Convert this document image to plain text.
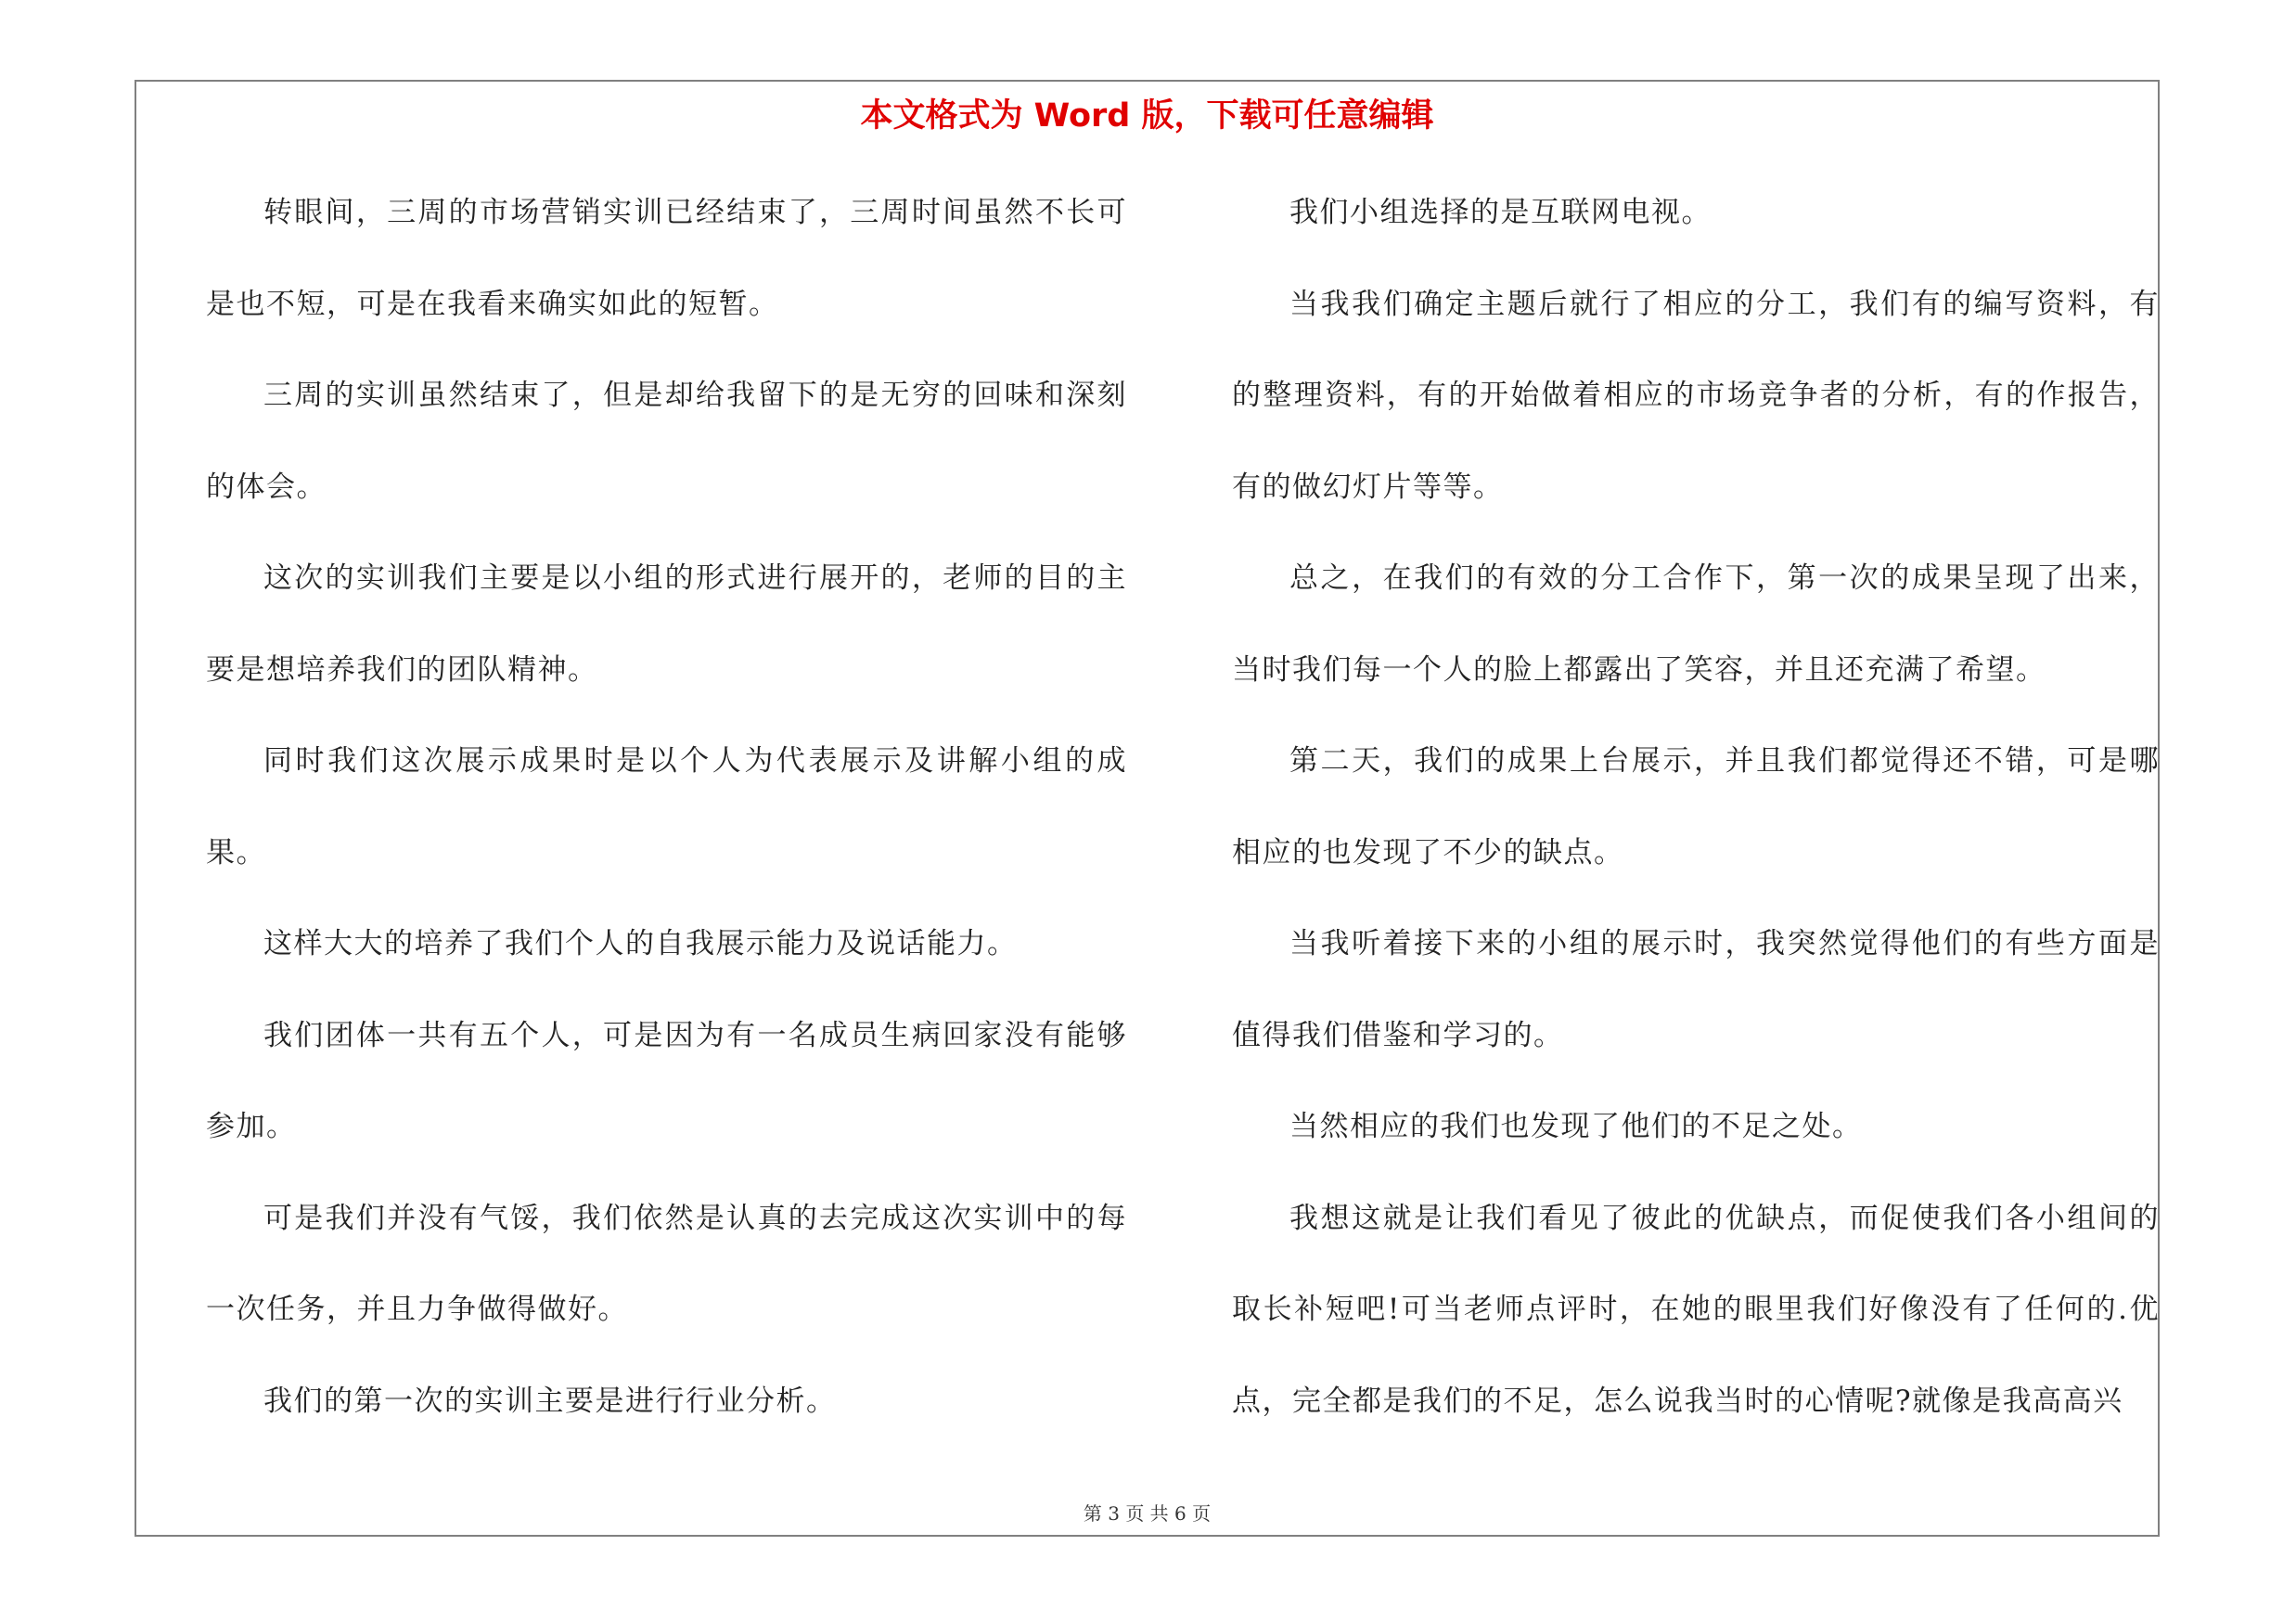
本文格式为 Word 版，下载可任意编辑

转眼间，三周的市场营销实训已经结束了，三周时间虽然不长可是也不短，可是在我看来确实如此的短暂。

三周的实训虽然结束了，但是却给我留下的是无穷的回味和深刻的体会。

这次的实训我们主要是以小组的形式进行展开的，老师的目的主要是想培养我们的团队精神。

同时我们这次展示成果时是以个人为代表展示及讲解小组的成果。

这样大大的培养了我们个人的自我展示能力及说话能力。

我们团体一共有五个人，可是因为有一名成员生病回家没有能够参加。

可是我们并没有气馁，我们依然是认真的去完成这次实训中的每一次任务，并且力争做得做好。

我们的第一次的实训主要是进行行业分析。

我们小组选择的是互联网电视。

当我我们确定主题后就行了相应的分工，我们有的编写资料，有的整理资料，有的开始做着相应的市场竞争者的分析，有的作报告，有的做幻灯片等等。

总之，在我们的有效的分工合作下，第一次的成果呈现了出来，当时我们每一个人的脸上都露出了笑容，并且还充满了希望。

第二天，我们的成果上台展示，并且我们都觉得还不错，可是哪相应的也发现了不少的缺点。

当我听着接下来的小组的展示时，我突然觉得他们的有些方面是值得我们借鉴和学习的。

当然相应的我们也发现了他们的不足之处。

我想这就是让我们看见了彼此的优缺点，而促使我们各小组间的取长补短吧!可当老师点评时，在她的眼里我们好像没有了任何的.优点，完全都是我们的不足，怎么说我当时的心情呢?就像是我高高兴

第 3 页 共 6 页
